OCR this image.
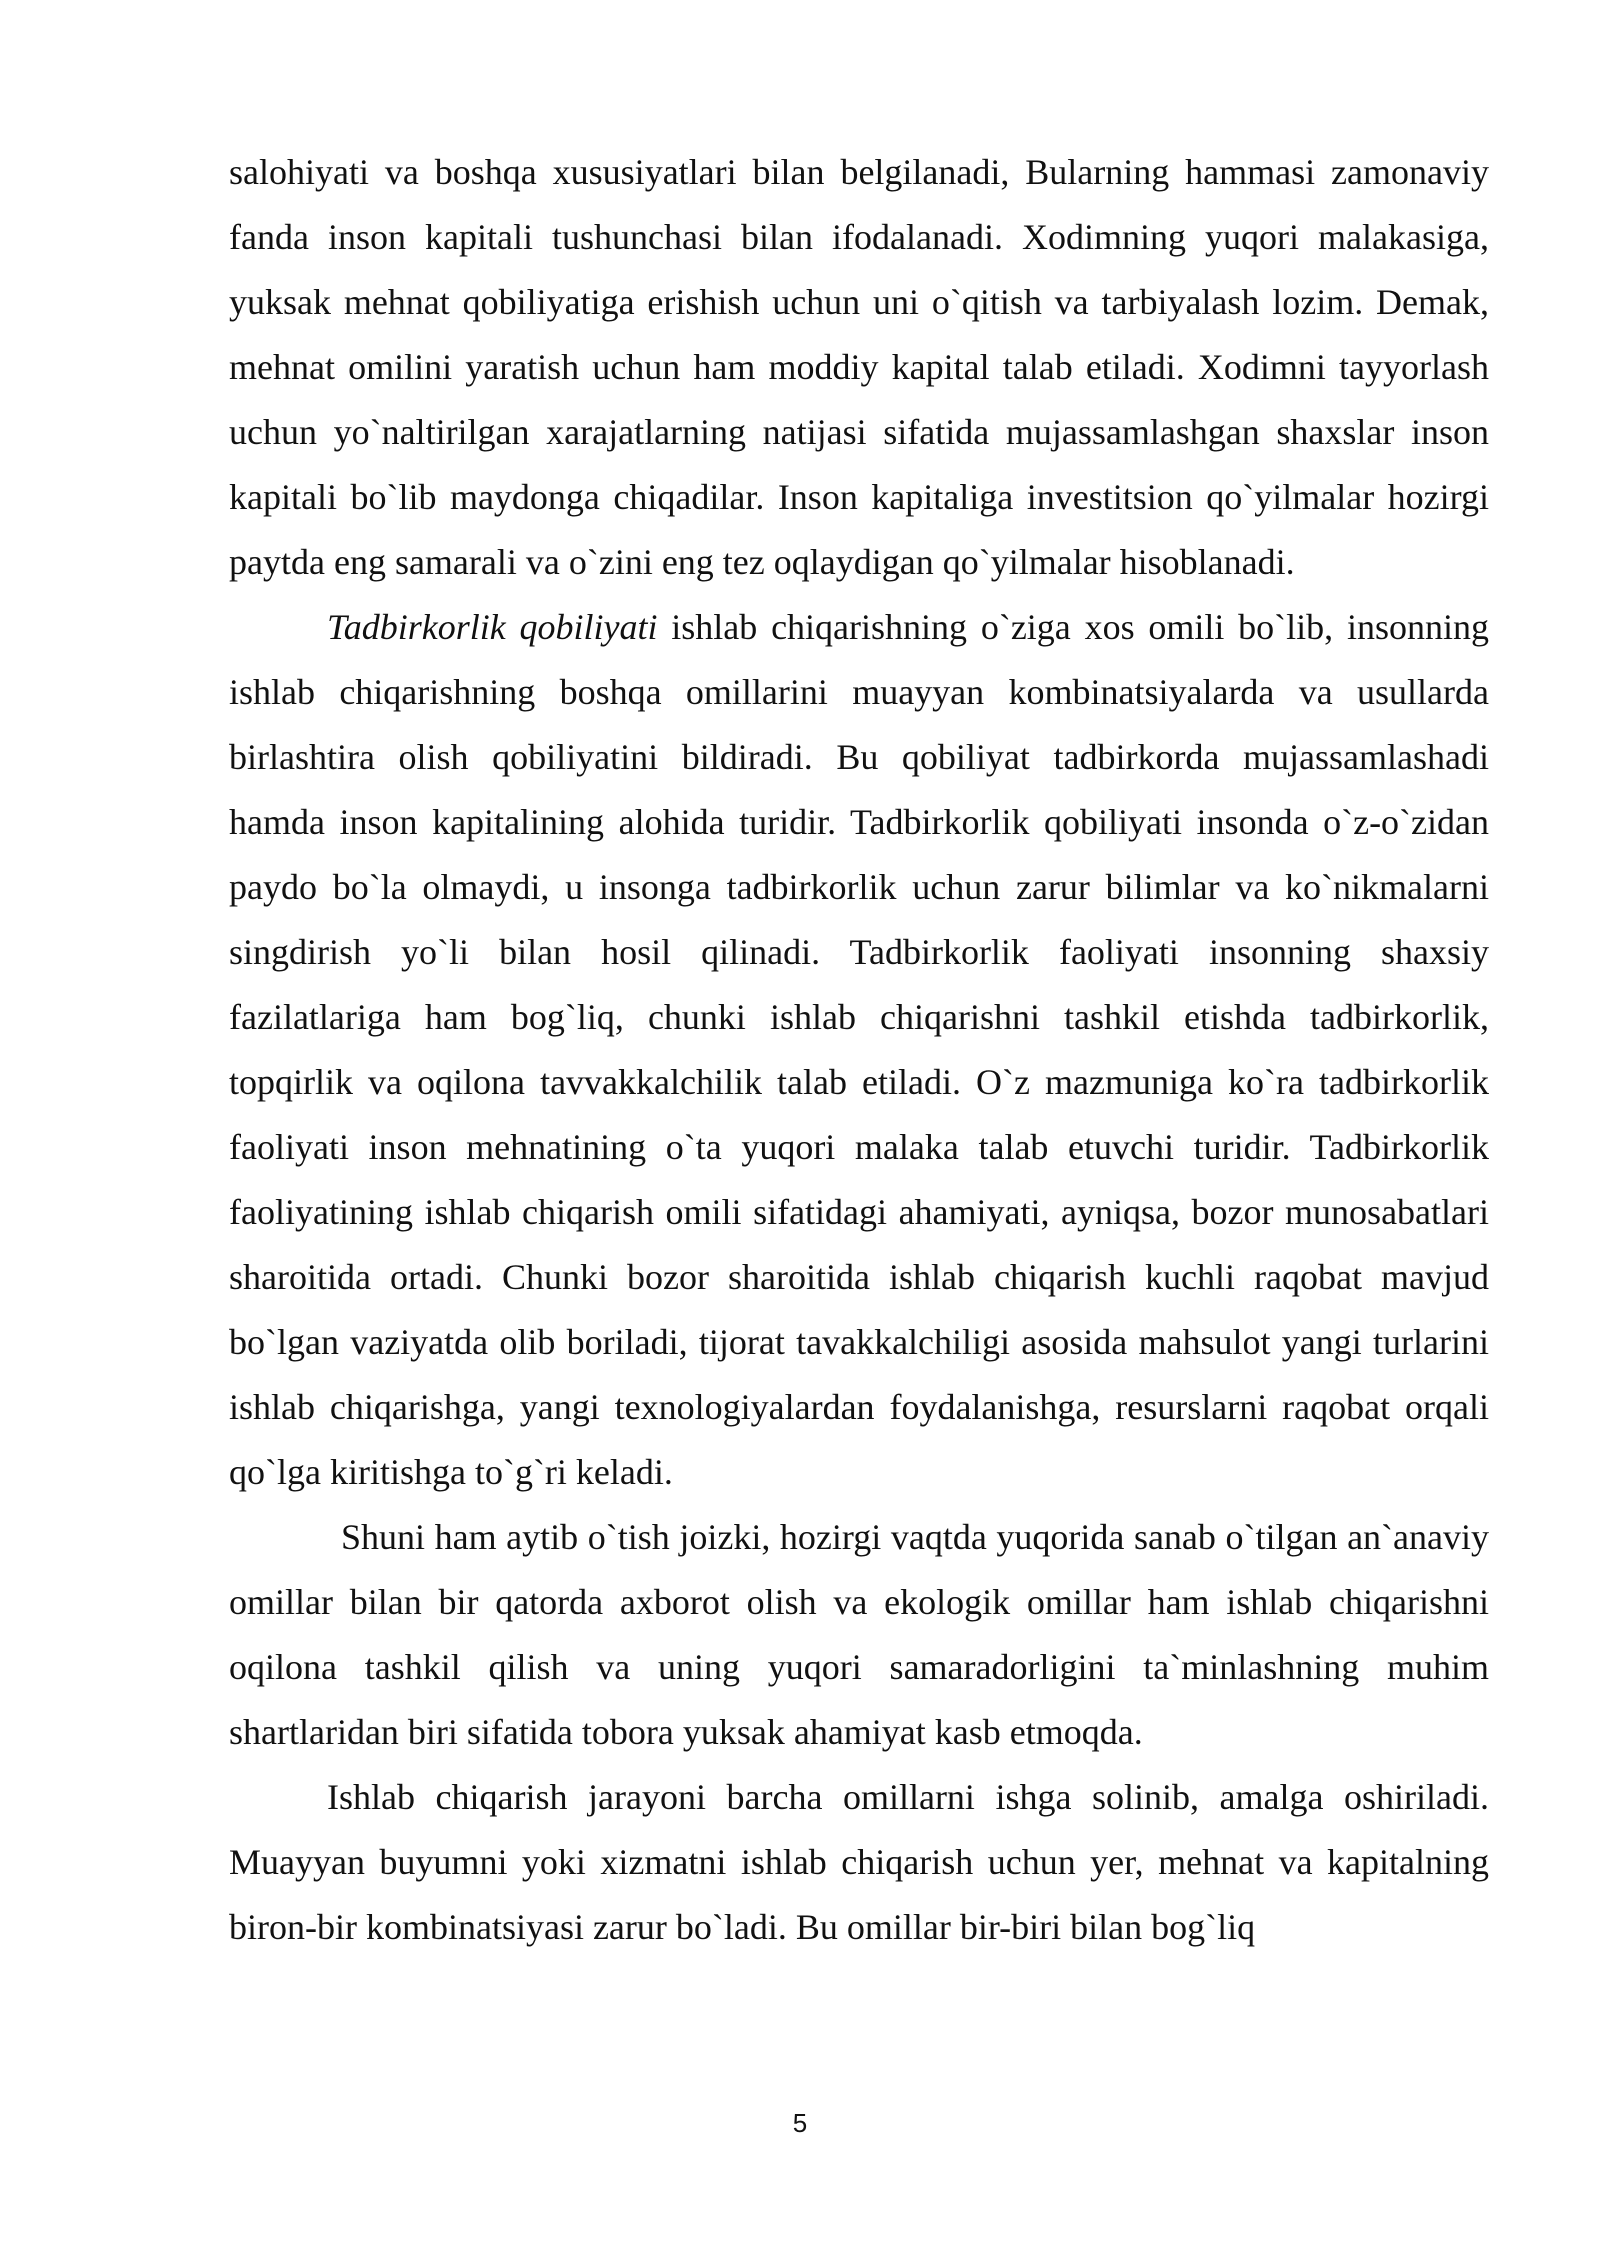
salohiyati va boshqa xususiyatlari bilan belgilanadi, Bularning hammasi zamonaviy fanda inson kapitali tushunchasi bilan ifodalanadi. Xodimning yuqori malakasiga, yuksak mehnat qobiliyatiga erishish uchun uni o`qitish va tarbiyalash lozim. Demak, mehnat omilini yaratish uchun ham moddiy kapital talab etiladi. Xodimni tayyorlash uchun yo`naltirilgan xarajatlarning natijasi sifatida mujassamlashgan shaxslar inson kapitali bo`lib maydonga chiqadilar. Inson kapitaliga investitsion qo`yilmalar hozirgi paytda eng samarali va o`zini eng tez oqlaydigan qo`yilmalar hisoblanadi.

Tadbirkorlik qobiliyati ishlab chiqarishning o`ziga xos omili bo`lib, insonning ishlab chiqarishning boshqa omillarini muayyan kombinatsiyalarda va usullarda birlashtira olish qobiliyatini bildiradi. Bu qobiliyat tadbirkorda mujassamlashadi hamda inson kapitalining alohida turidir. Tadbirkorlik qobiliyati insonda o`z-o`zidan paydo bo`la olmaydi, u insonga tadbirkorlik uchun zarur bilimlar va ko`nikmalarni singdirish yo`li bilan hosil qilinadi. Tadbirkorlik faoliyati insonning shaxsiy fazilatlariga ham bog`liq, chunki ishlab chiqarishni tashkil etishda tadbirkorlik, topqirlik va oqilona tavvakkalchilik talab etiladi. O`z mazmuniga ko`ra tadbirkorlik faoliyati inson mehnatining o`ta yuqori malaka talab etuvchi turidir. Tadbirkorlik faoliyatining ishlab chiqarish omili sifatidagi ahamiyati, ayniqsa, bozor munosabatlari sharoitida ortadi. Chunki bozor sharoitida ishlab chiqarish kuchli raqobat mavjud bo`lgan vaziyatda olib boriladi, tijorat tavakkalchiligi asosida mahsulot yangi turlarini ishlab chiqarishga, yangi texnologiyalardan foydalanishga, resurslarni raqobat orqali qo`lga kiritishga to`g`ri keladi.

Shuni ham aytib o`tish joizki, hozirgi vaqtda yuqorida sanab o`tilgan an`anaviy omillar bilan bir qatorda axborot olish va ekologik omillar ham ishlab chiqarishni oqilona tashkil qilish va uning yuqori samaradorligini ta`minlashning muhim shartlaridan biri sifatida tobora yuksak ahamiyat kasb etmoqda.

Ishlab chiqarish jarayoni barcha omillarni ishga solinib, amalga oshiriladi. Muayyan buyumni yoki xizmatni ishlab chiqarish uchun yer, mehnat va kapitalning biron-bir kombinatsiyasi zarur bo`ladi. Bu omillar bir-biri bilan bog`liq

5
